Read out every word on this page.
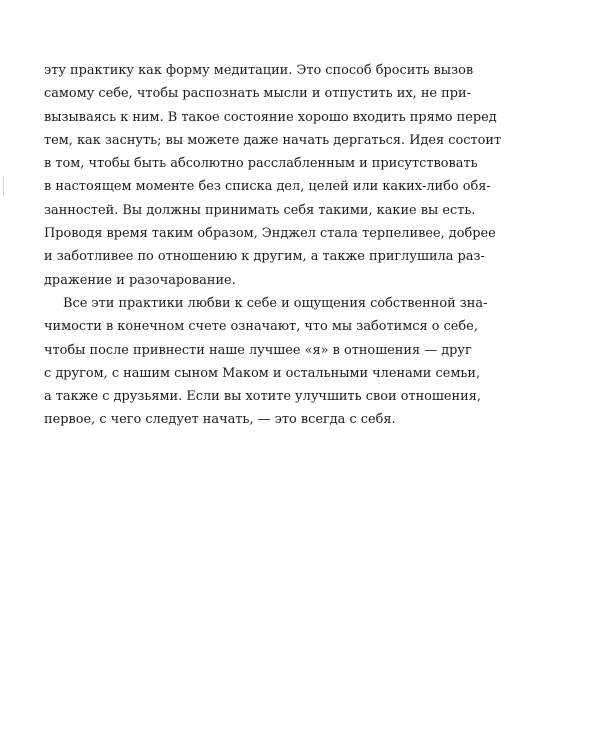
эту практику как форму медитации. Это способ бросить вызов
самому себе, чтобы распознать мысли и отпустить их, не при-
вызываясь к ним. В такое состояние хорошо входить прямо перед
тем, как заснуть; вы можете даже начать дергаться. Идея состоит
в том, чтобы быть абсолютно расслабленным и присутствовать
в настоящем моменте без списка дел, целей или каких-либо обя-
занностей. Вы должны принимать себя такими, какие вы есть.
Проводя время таким образом, Энджел стала терпеливее, добрее
и заботливее по отношению к другим, а также приглушила раз-
дражение и разочарование.

Все эти практики любви к себе и ощущения собственной зна-
чимости в конечном счете означают, что мы заботимся о себе,
чтобы после привнести наше лучшее «я» в отношения — друг
с другом, с нашим сыном Маком и остальными членами семьи,
а также с друзьями. Если вы хотите улучшить свои отношения,
первое, с чего следует начать, — это всегда с себя.
